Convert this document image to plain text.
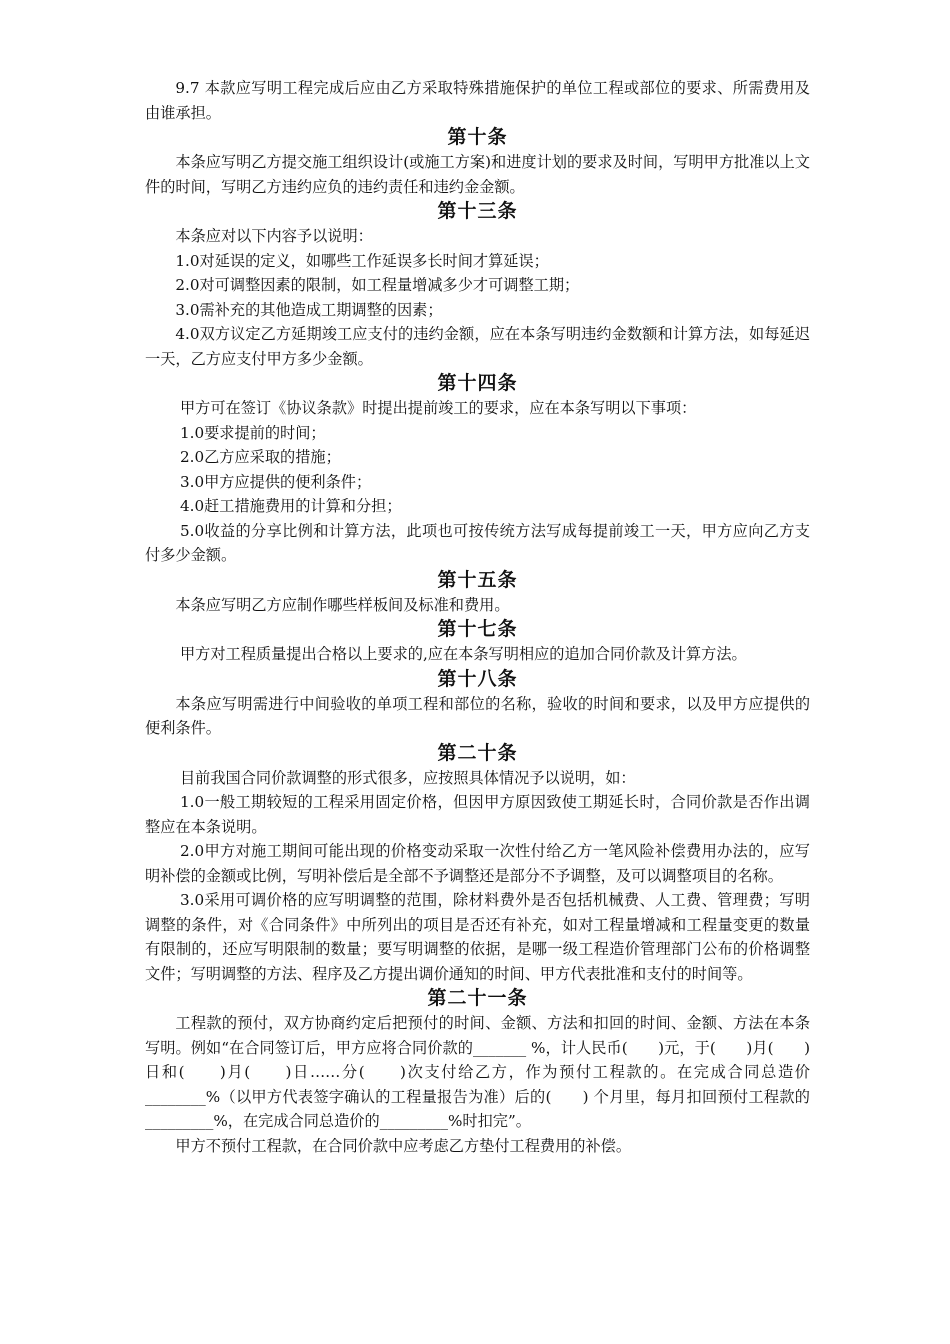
9.7 本款应写明工程完成后应由乙方采取特殊措施保护的单位工程或部位的要求、所需费用及由谁承担。

第十条

本条应写明乙方提交施工组织设计(或施工方案)和进度计划的要求及时间，写明甲方批准以上文件的时间，写明乙方违约应负的违约责任和违约金金额。

第十三条

本条应对以下内容予以说明：

1.0对延误的定义，如哪些工作延误多长时间才算延误；

2.0对可调整因素的限制，如工程量增减多少才可调整工期；

3.0需补充的其他造成工期调整的因素；

4.0双方议定乙方延期竣工应支付的违约金额，应在本条写明违约金数额和计算方法，如每延迟一天，乙方应支付甲方多少金额。

第十四条

甲方可在签订《协议条款》时提出提前竣工的要求，应在本条写明以下事项：

1.0要求提前的时间；

2.0乙方应采取的措施；

3.0甲方应提供的便利条件；

4.0赶工措施费用的计算和分担；

5.0收益的分享比例和计算方法，此项也可按传统方法写成每提前竣工一天，甲方应向乙方支付多少金额。

第十五条

本条应写明乙方应制作哪些样板间及标准和费用。

第十七条

甲方对工程质量提出合格以上要求的,应在本条写明相应的追加合同价款及计算方法。

第十八条

本条应写明需进行中间验收的单项工程和部位的名称，验收的时间和要求，以及甲方应提供的便利条件。

第二十条

目前我国合同价款调整的形式很多，应按照具体情况予以说明，如：

1.0一般工期较短的工程采用固定价格，但因甲方原因致使工期延长时，合同价款是否作出调整应在本条说明。

2.0甲方对施工期间可能出现的价格变动采取一次性付给乙方一笔风险补偿费用办法的，应写明补偿的金额或比例，写明补偿后是全部不予调整还是部分不予调整，及可以调整项目的名称。

3.0采用可调价格的应写明调整的范围，除材料费外是否包括机械费、人工费、管理费；写明调整的条件，对《合同条件》中所列出的项目是否还有补充，如对工程量增减和工程量变更的数量有限制的，还应写明限制的数量；要写明调整的依据，是哪一级工程造价管理部门公布的价格调整文件；写明调整的方法、程序及乙方提出调价通知的时间、甲方代表批准和支付的时间等。

第二十一条

工程款的预付，双方协商约定后把预付的时间、金额、方法和扣回的时间、金额、方法在本条写明。例如“在合同签订后，甲方应将合同价款的_______ %，计人民币(　　)元，于(　　)月(　　)日和(　　)月(　　)日……分(　　)次支付给乙方，作为预付工程款的。在完成合同总造价________%（以甲方代表签字确认的工程量报告为准）后的(　　) 个月里，每月扣回预付工程款的_________%，在完成合同总造价的_________%时扣完”。

甲方不预付工程款，在合同价款中应考虑乙方垫付工程费用的补偿。
